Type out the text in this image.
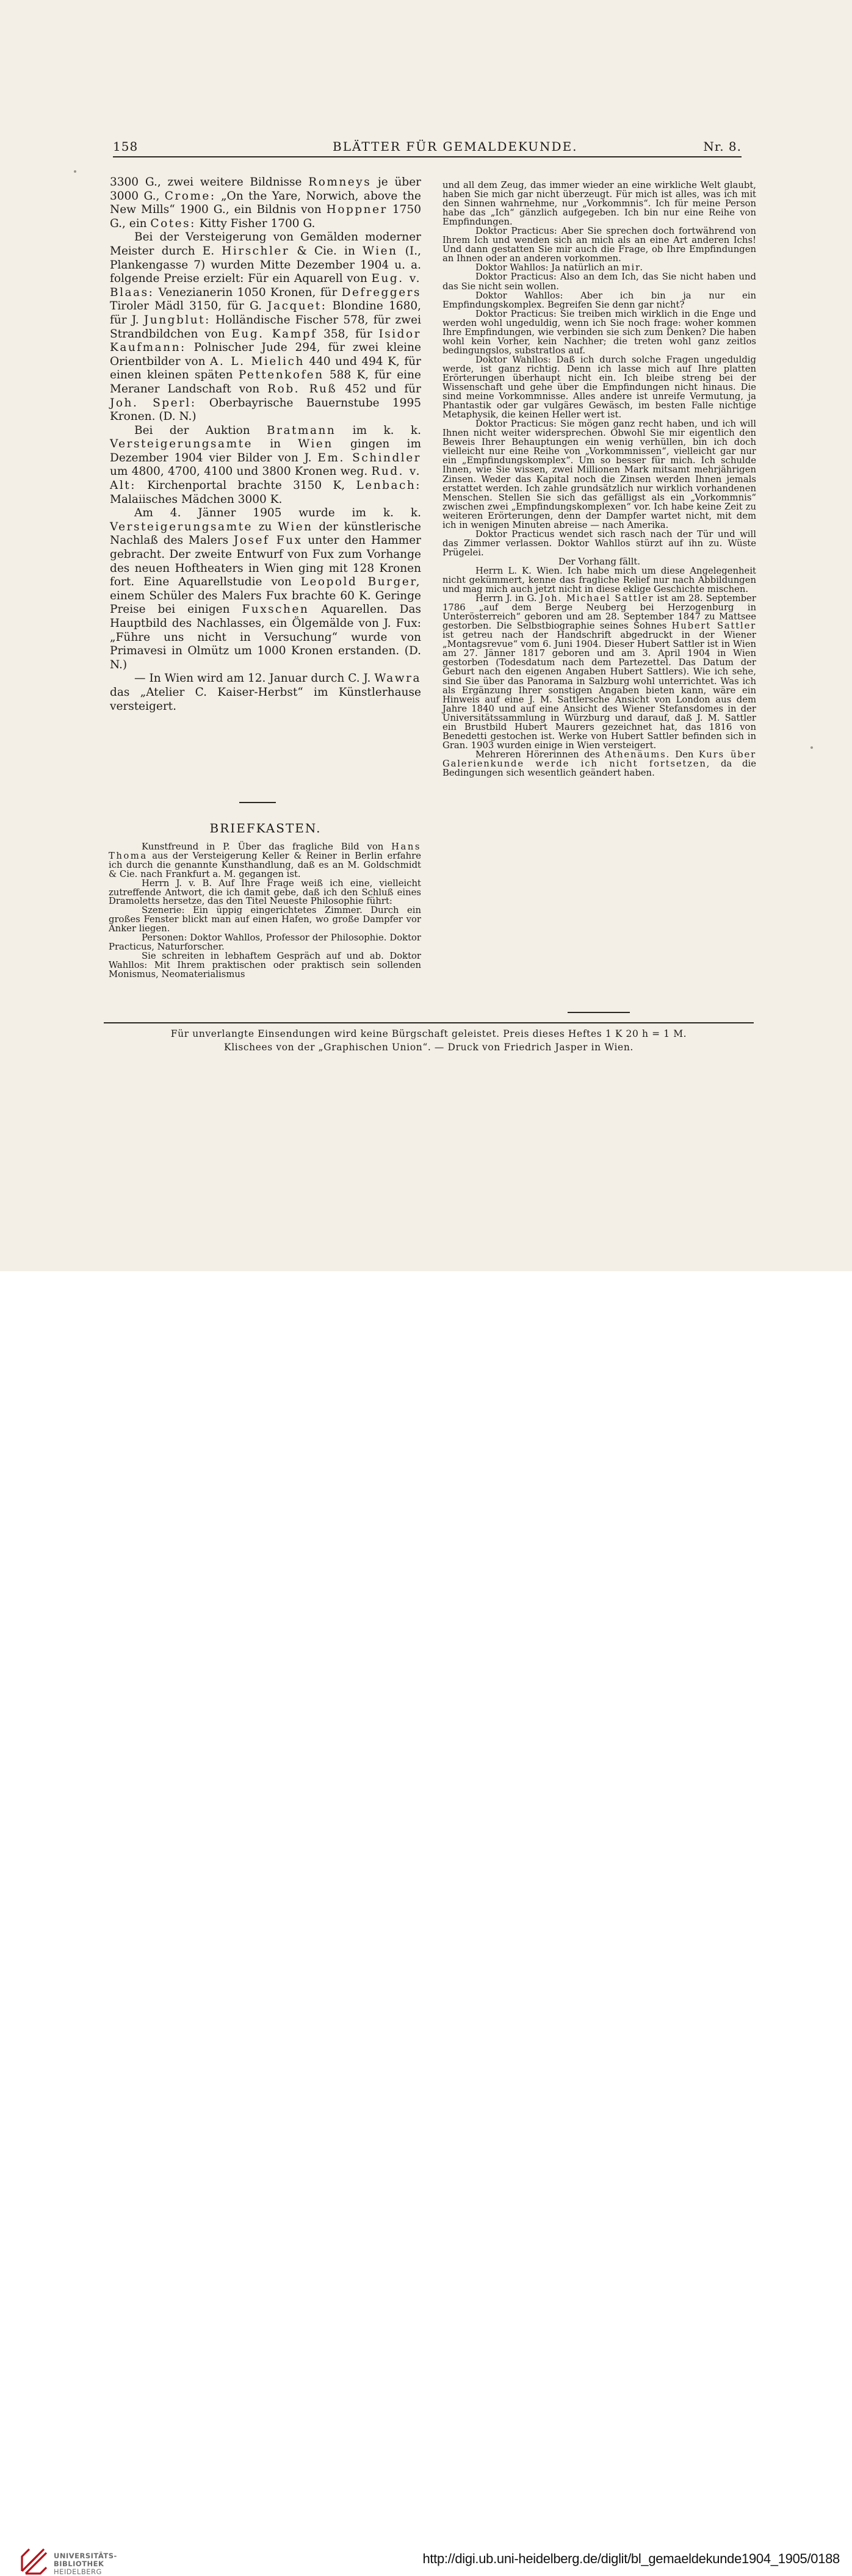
158	BLÄTTER FÜR GEMALDEKUNDE.	Nr. 8.

3300 G., zwei weitere Bildnisse Romneys je über 3000 G., Crome: „On the Yare, Norwich, above the New Mills“ 1900 G., ein Bildnis von Hoppner 1750 G., ein Cotes: Kitty Fisher 1700 G.

Bei der Versteigerung von Gemälden moderner Meister durch E. Hirschler & Cie. in Wien (I., Plankengasse 7) wurden Mitte Dezember 1904 u. a. folgende Preise erzielt: Für ein Aquarell von Eug. v. Blaas: Venezianerin 1050 Kronen, für Defreggers Tiroler Mädl 3150, für G. Jacquet: Blondine 1680, für J. Jungblut: Holländische Fischer 578, für zwei Strandbildchen von Eug. Kampf 358, für Isidor Kaufmann: Polnischer Jude 294, für zwei kleine Orientbilder von A. L. Mielich 440 und 494 K, für einen kleinen späten Pettenkofen 588 K, für eine Meraner Landschaft von Rob. Ruß 452 und für Joh. Sperl: Oberbayrische Bauernstube 1995 Kronen. (D. N.)

Bei der Auktion Bratmann im k. k. Versteigerungsamte in Wien gingen im Dezember 1904 vier Bilder von J. Em. Schindler um 4800, 4700, 4100 und 3800 Kronen weg. Rud. v. Alt: Kirchenportal brachte 3150 K, Lenbach: Malaiisches Mädchen 3000 K.

Am 4. Jänner 1905 wurde im k. k. Versteigerungsamte zu Wien der künstlerische Nachlaß des Malers Josef Fux unter den Hammer gebracht. Der zweite Entwurf von Fux zum Vorhange des neuen Hoftheaters in Wien ging mit 128 Kronen fort. Eine Aquarellstudie von Leopold Burger, einem Schüler des Malers Fux brachte 60 K. Geringe Preise bei einigen Fuxschen Aquarellen. Das Hauptbild des Nachlasses, ein Ölgemälde von J. Fux: „Führe uns nicht in Versuchung“ wurde von Primavesi in Olmütz um 1000 Kronen erstanden. (D. N.)

— In Wien wird am 12. Januar durch C. J. Wawra das „Atelier C. Kaiser-Herbst“ im Künstlerhause versteigert.

BRIEFKASTEN.

Kunstfreund in P. Über das fragliche Bild von Hans Thoma aus der Versteigerung Keller & Reiner in Berlin erfahre ich durch die genannte Kunsthandlung, daß es an M. Goldschmidt & Cie. nach Frankfurt a. M. gegangen ist.

Herrn J. v. B. Auf Ihre Frage weiß ich eine, vielleicht zutreffende Antwort, die ich damit gebe, daß ich den Schluß eines Dramoletts hersetze, das den Titel Neueste Philosophie führt:

Szenerie: Ein üppig eingerichtetes Zimmer. Durch ein großes Fenster blickt man auf einen Hafen, wo große Dampfer vor Anker liegen.

Personen: Doktor Wahllos, Professor der Philosophie. Doktor Practicus, Naturforscher.

Sie schreiten in lebhaftem Gespräch auf und ab. Doktor Wahllos: Mit Ihrem praktischen oder praktisch sein sollenden Monismus, Neomaterialismus

und all dem Zeug, das immer wieder an eine wirkliche Welt glaubt, haben Sie mich gar nicht überzeugt. Für mich ist alles, was ich mit den Sinnen wahrnehme, nur „Vorkommnis“. Ich für meine Person habe das „Ich“ gänzlich aufgegeben. Ich bin nur eine Reihe von Empfindungen.

Doktor Practicus: Aber Sie sprechen doch fortwährend von Ihrem Ich und wenden sich an mich als an eine Art anderen Ichs! Und dann gestatten Sie mir auch die Frage, ob Ihre Empfindungen an Ihnen oder an anderen vorkommen.

Doktor Wahllos: Ja natürlich an mir.

Doktor Practicus: Also an dem Ich, das Sie nicht haben und das Sie nicht sein wollen.

Doktor Wahllos: Aber ich bin ja nur ein Empfindungskomplex. Begreifen Sie denn gar nicht?

Doktor Practicus: Sie treiben mich wirklich in die Enge und werden wohl ungeduldig, wenn ich Sie noch frage: woher kommen Ihre Empfindungen, wie verbinden sie sich zum Denken? Die haben wohl kein Vorher, kein Nachher; die treten wohl ganz zeitlos bedingungslos, substratlos auf.

Doktor Wahllos: Daß ich durch solche Fragen ungeduldig werde, ist ganz richtig. Denn ich lasse mich auf Ihre platten Erörterungen überhaupt nicht ein. Ich bleibe streng bei der Wissenschaft und gehe über die Empfindungen nicht hinaus. Die sind meine Vorkommnisse. Alles andere ist unreife Vermutung, ja Phantastik oder gar vulgäres Gewäsch, im besten Falle nichtige Metaphysik, die keinen Heller wert ist.

Doktor Practicus: Sie mögen ganz recht haben, und ich will Ihnen nicht weiter widersprechen. Obwohl Sie mir eigentlich den Beweis Ihrer Behauptungen ein wenig verhüllen, bin ich doch vielleicht nur eine Reihe von „Vorkommnissen“, vielleicht gar nur ein „Empfindungskomplex“. Um so besser für mich. Ich schulde Ihnen, wie Sie wissen, zwei Millionen Mark mitsamt mehrjährigen Zinsen. Weder das Kapital noch die Zinsen werden Ihnen jemals erstattet werden. Ich zahle grundsätzlich nur wirklich vorhandenen Menschen. Stellen Sie sich das gefälligst als ein „Vorkommnis“ zwischen zwei „Empfindungskomplexen“ vor. Ich habe keine Zeit zu weiteren Erörterungen, denn der Dampfer wartet nicht, mit dem ich in wenigen Minuten abreise — nach Amerika.

Doktor Practicus wendet sich rasch nach der Tür und will das Zimmer verlassen. Doktor Wahllos stürzt auf ihn zu. Wüste Prügelei.

Der Vorhang fällt.

Herrn L. K. Wien. Ich habe mich um diese Angelegenheit nicht gekümmert, kenne das fragliche Relief nur nach Abbildungen und mag mich auch jetzt nicht in diese eklige Geschichte mischen.

Herrn J. in G. Joh. Michael Sattler ist am 28. September 1786 „auf dem Berge Neuberg bei Herzogenburg in Unterösterreich“ geboren und am 28. September 1847 zu Mattsee gestorben. Die Selbstbiographie seines Sohnes Hubert Sattler ist getreu nach der Handschrift abgedruckt in der Wiener „Montagsrevue“ vom 6. Juni 1904. Dieser Hubert Sattler ist in Wien am 27. Jänner 1817 geboren und am 3. April 1904 in Wien gestorben (Todesdatum nach dem Partezettel. Das Datum der Geburt nach den eigenen Angaben Hubert Sattlers). Wie ich sehe, sind Sie über das Panorama in Salzburg wohl unterrichtet. Was ich als Ergänzung Ihrer sonstigen Angaben bieten kann, wäre ein Hinweis auf eine J. M. Sattlersche Ansicht von London aus dem Jahre 1840 und auf eine Ansicht des Wiener Stefansdomes in der Universitätssammlung in Würzburg und darauf, daß J. M. Sattler ein Brustbild Hubert Maurers gezeichnet hat, das 1816 von Benedetti gestochen ist. Werke von Hubert Sattler befinden sich in Gran. 1903 wurden einige in Wien versteigert.

Mehreren Hörerinnen des Athenäums. Den Kurs über Galerienkunde werde ich nicht fortsetzen, da die Bedingungen sich wesentlich geändert haben.

Für unverlangte Einsendungen wird keine Bürgschaft geleistet. Preis dieses Heftes 1 K 20 h = 1 M.
Klischees von der „Graphischen Union“. — Druck von Friedrich Jasper in Wien.
UNIVERSITÄTS-
BIBLIOTHEK
HEIDELBERG
http://digi.ub.uni-heidelberg.de/diglit/bl_gemaeldekunde1904_1905/0188
